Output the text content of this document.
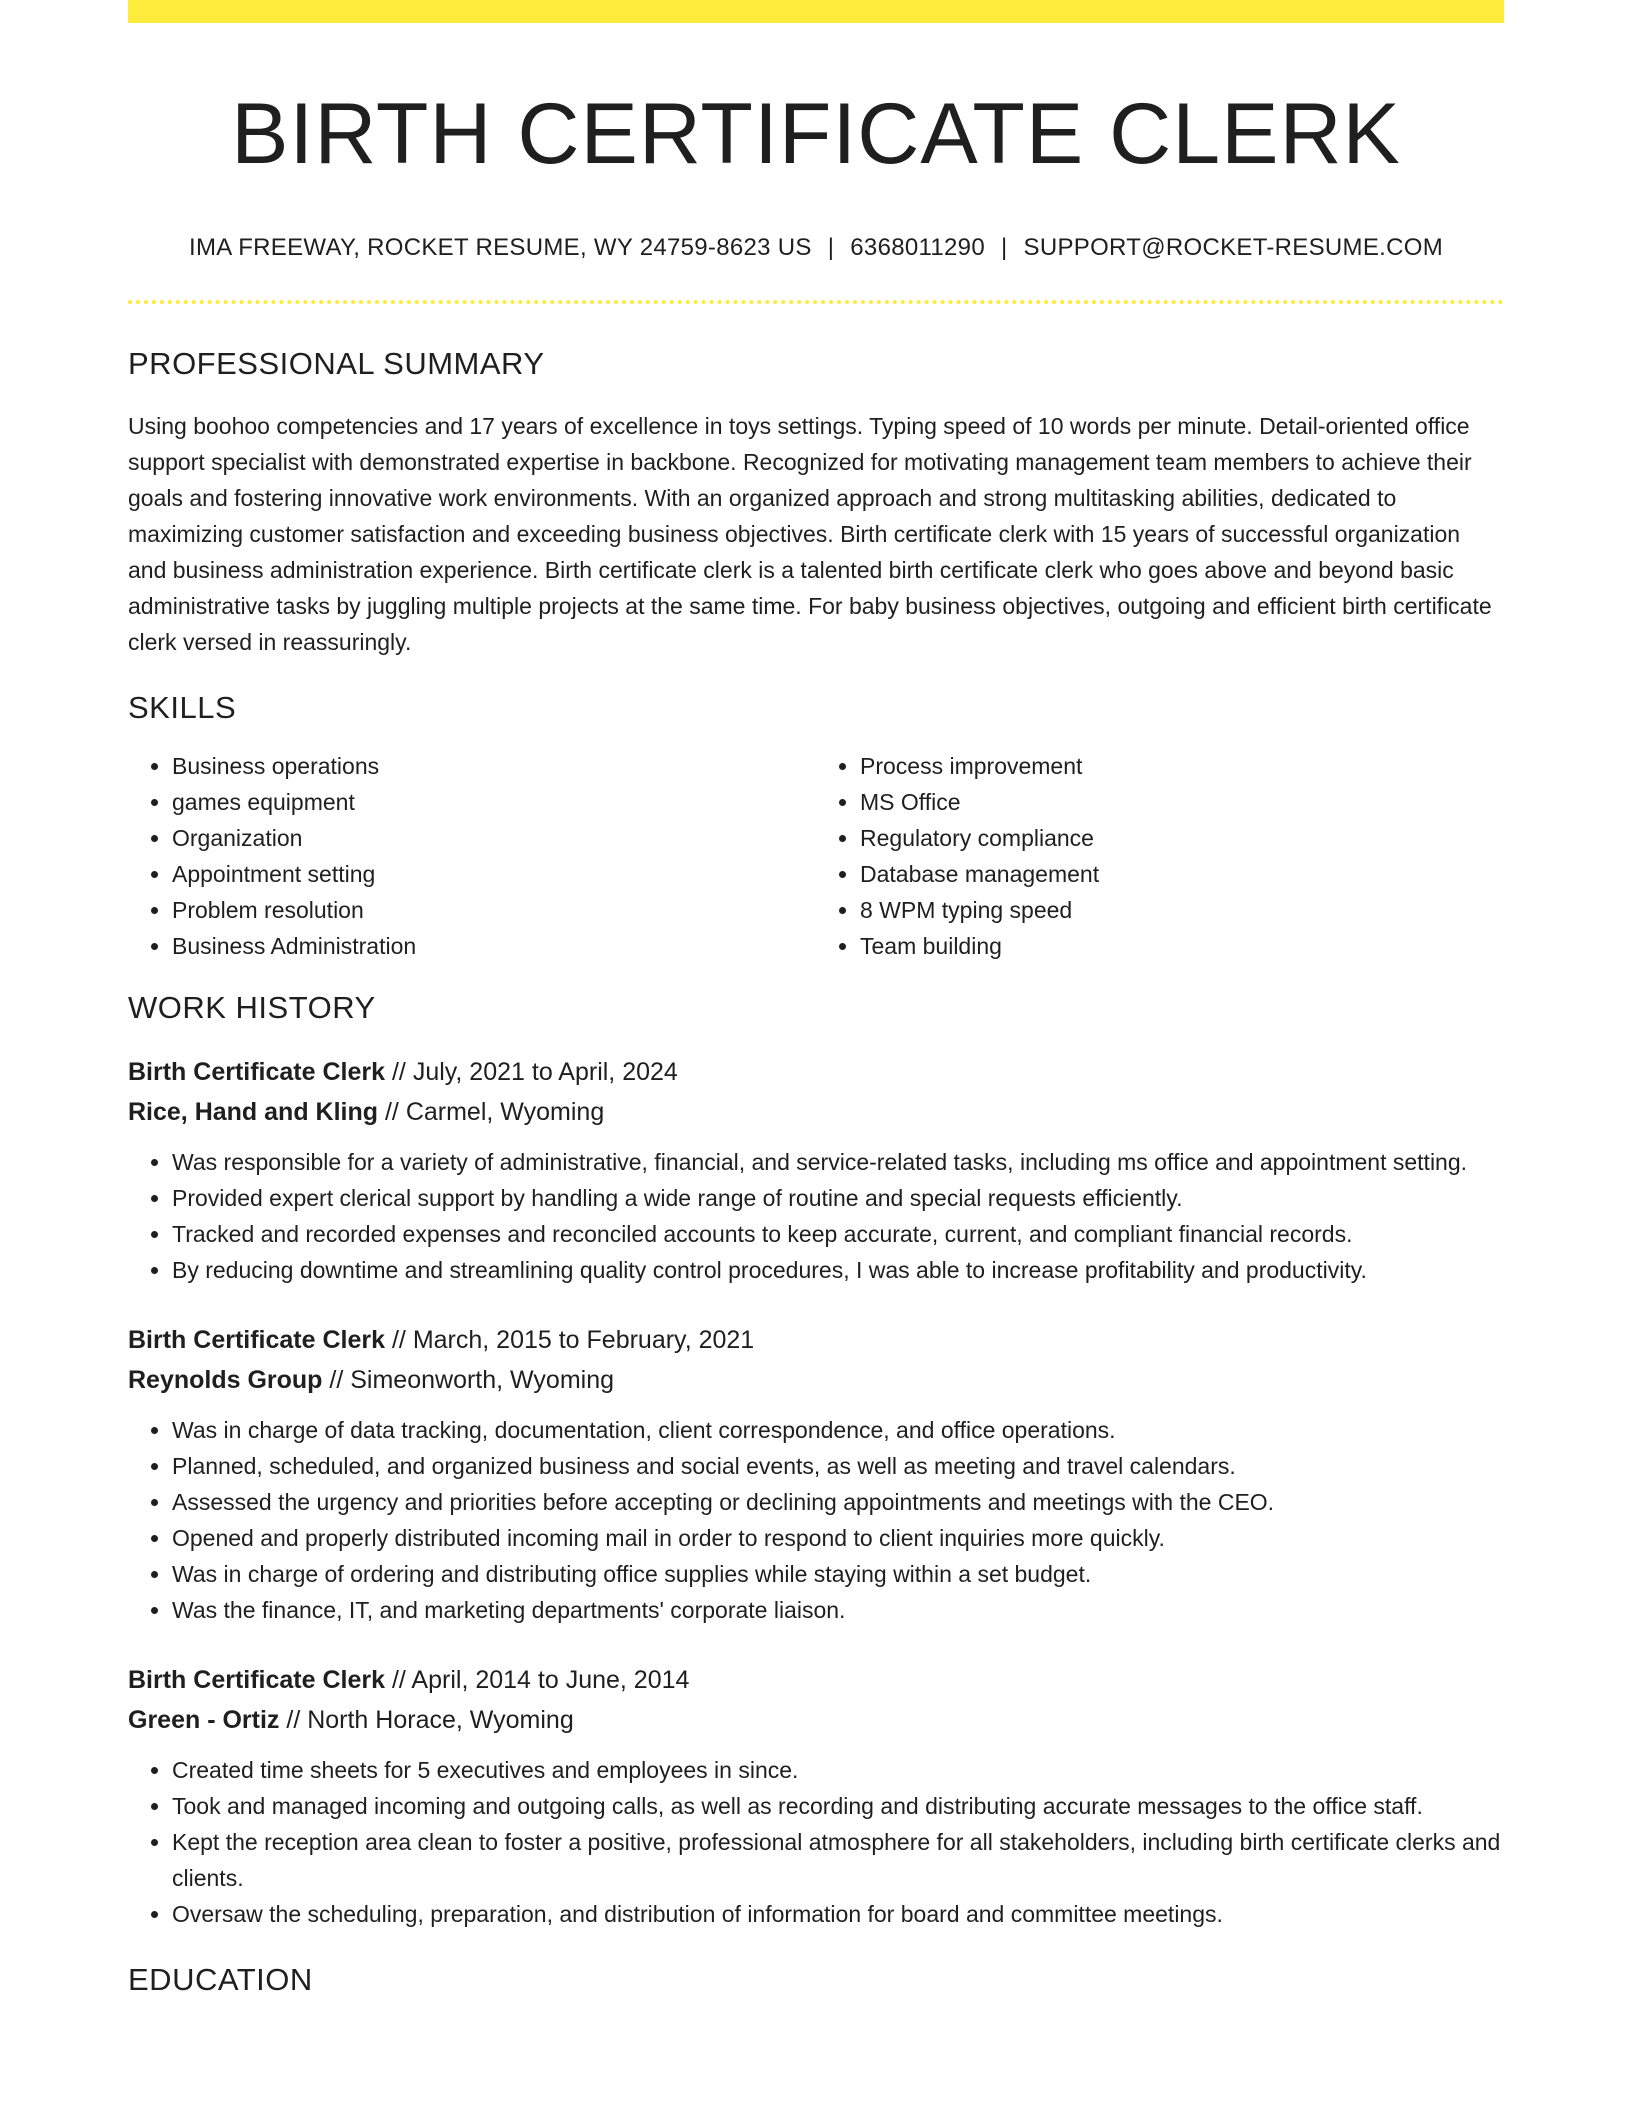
BIRTH CERTIFICATE CLERK
IMA FREEWAY, ROCKET RESUME, WY 24759-8623 US | 6368011290 | SUPPORT@ROCKET-RESUME.COM
PROFESSIONAL SUMMARY

Using boohoo competencies and 17 years of excellence in toys settings. Typing speed of 10 words per minute. Detail-oriented office support specialist with demonstrated expertise in backbone. Recognized for motivating management team members to achieve their goals and fostering innovative work environments. With an organized approach and strong multitasking abilities, dedicated to maximizing customer satisfaction and exceeding business objectives. Birth certificate clerk with 15 years of successful organization and business administration experience. Birth certificate clerk is a talented birth certificate clerk who goes above and beyond basic administrative tasks by juggling multiple projects at the same time. For baby business objectives, outgoing and efficient birth certificate clerk versed in reassuringly.

SKILLS
• Business operations
• games equipment
• Organization
• Appointment setting
• Problem resolution
• Business Administration
• Process improvement
• MS Office
• Regulatory compliance
• Database management
• 8 WPM typing speed
• Team building
WORK HISTORY
Birth Certificate Clerk // July, 2021 to April, 2024
Rice, Hand and Kling // Carmel, Wyoming
• Was responsible for a variety of administrative, financial, and service-related tasks, including ms office and appointment setting.
• Provided expert clerical support by handling a wide range of routine and special requests efficiently.
• Tracked and recorded expenses and reconciled accounts to keep accurate, current, and compliant financial records.
• By reducing downtime and streamlining quality control procedures, I was able to increase profitability and productivity.
Birth Certificate Clerk // March, 2015 to February, 2021
Reynolds Group // Simeonworth, Wyoming
• Was in charge of data tracking, documentation, client correspondence, and office operations.
• Planned, scheduled, and organized business and social events, as well as meeting and travel calendars.
• Assessed the urgency and priorities before accepting or declining appointments and meetings with the CEO.
• Opened and properly distributed incoming mail in order to respond to client inquiries more quickly.
• Was in charge of ordering and distributing office supplies while staying within a set budget.
• Was the finance, IT, and marketing departments' corporate liaison.
Birth Certificate Clerk // April, 2014 to June, 2014
Green - Ortiz // North Horace, Wyoming
• Created time sheets for 5 executives and employees in since.
• Took and managed incoming and outgoing calls, as well as recording and distributing accurate messages to the office staff.
• Kept the reception area clean to foster a positive, professional atmosphere for all stakeholders, including birth certificate clerks and clients.
• Oversaw the scheduling, preparation, and distribution of information for board and committee meetings.
EDUCATION
